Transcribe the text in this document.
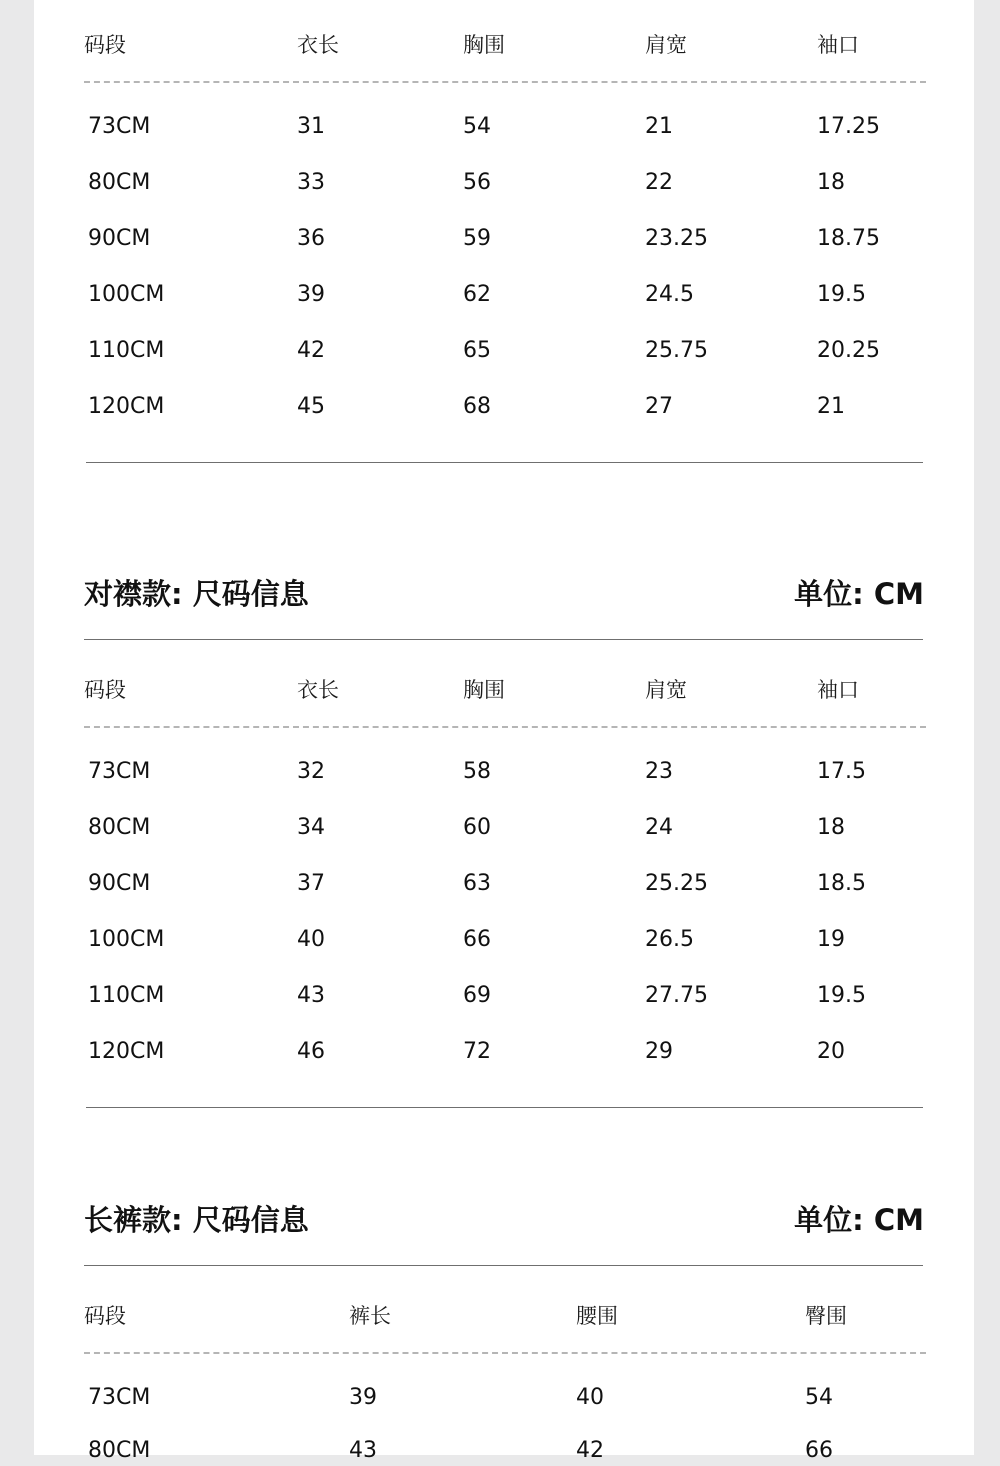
码段	衣长	胸围	肩宽	袖口
73CM	31	54	21	17.25
80CM	33	56	22	18
90CM	36	59	23.25	18.75
100CM	39	62	24.5	19.5
110CM	42	65	25.75	20.25
120CM	45	68	27	21
对襟款: 尺码信息	单位: CM
码段	衣长	胸围	肩宽	袖口
73CM	32	58	23	17.5
80CM	34	60	24	18
90CM	37	63	25.25	18.5
100CM	40	66	26.5	19
110CM	43	69	27.75	19.5
120CM	46	72	29	20
长裤款: 尺码信息	单位: CM
码段	裤长	腰围	臀围
73CM	39	40	54
80CM	43	42	66
